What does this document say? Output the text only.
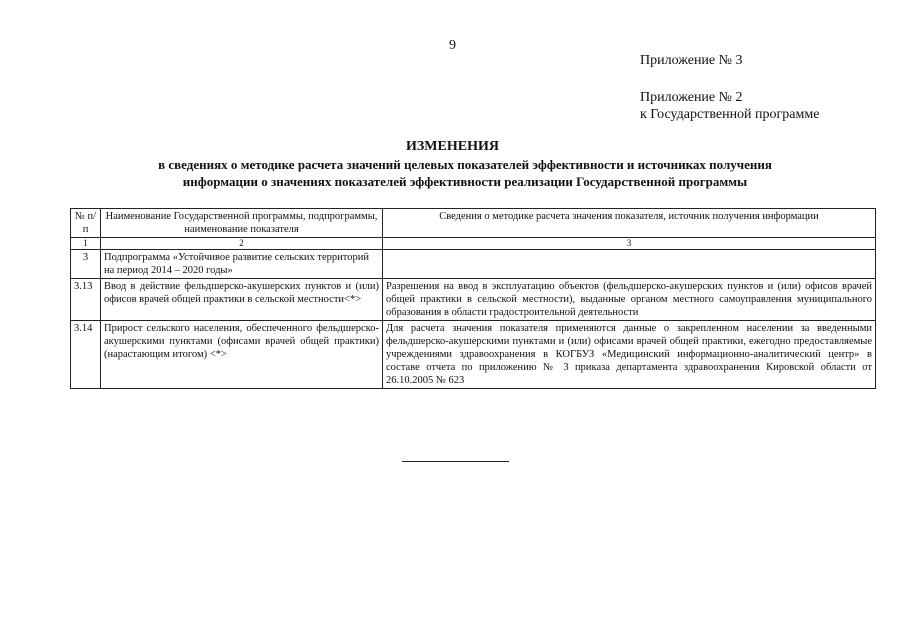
9
Приложение № 3
Приложение № 2
к Государственной программе
ИЗМЕНЕНИЯ
в сведениях о методике расчета значений целевых показателей эффективности и источниках получения
информации о значениях показателей эффективности реализации Государственной программы
№ п/п	Наименование Государственной программы, подпрограммы, наименование показателя	Сведения о методике расчета значения показателя, источник получения информации
1	2	3
3	Подпрограмма «Устойчивое развитие сельских территорий на период 2014 – 2020 годы»	
3.13	Ввод в действие фельдшерско-акушерских пунктов и (или) офисов врачей общей практики в сельской местности<*>	Разрешения на ввод в эксплуатацию объектов (фельдшерско-акушерских пунктов и (или) офисов врачей общей практики в сельской местности), выданные органом местного самоуправления муниципального образования в области градостроительной деятельности
3.14	Прирост сельского населения, обеспеченного фельдшерско-акушерскими пунктами (офисами врачей общей практики) (нарастающим итогом) <*>	Для расчета значения показателя применяются данные о закрепленном населении за введенными фельдшерско-акушерскими пунктами и (или) офисами врачей общей практики, ежегодно предоставляемые учреждениями здравоохранения в КОГБУЗ «Медицинский информационно-аналитический центр» в составе отчета по приложению № 3 приказа департамента здравоохранения Кировской области от 26.10.2005 № 623
